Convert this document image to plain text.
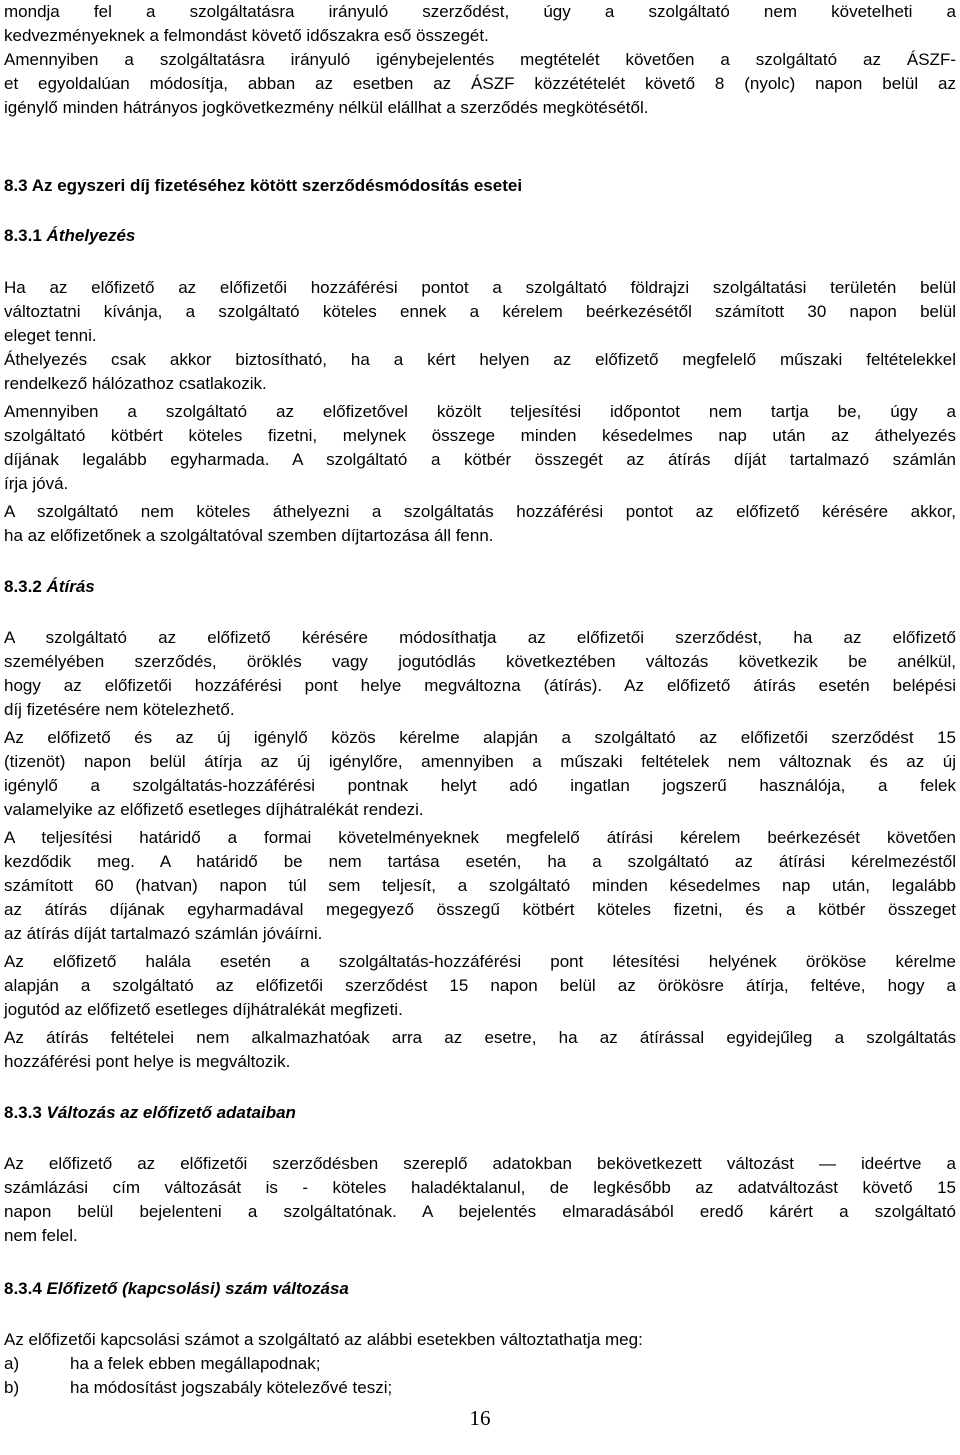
mondja fel a szolgáltatásra irányuló szerződést, úgy a szolgáltató nem követelheti a
kedvezményeknek a felmondást követő időszakra eső összegét.
Amennyiben a szolgáltatásra irányuló igénybejelentés megtételét követően a szolgáltató az ÁSZF-
et egyoldalúan módosítja, abban az esetben az ÁSZF közzétételét követő 8 (nyolc) napon belül az
igénylő minden hátrányos jogkövetkezmény nélkül elállhat a szerződés megkötésétől.
8.3 Az egyszeri díj fizetéséhez kötött szerződésmódosítás esetei
8.3.1 Áthelyezés
Ha az előfizető az előfizetői hozzáférési pontot a szolgáltató földrajzi szolgáltatási területén belül
változtatni kívánja, a szolgáltató köteles ennek a kérelem beérkezésétől számított 30 napon belül
eleget tenni.
Áthelyezés csak akkor biztosítható, ha a kért helyen az előfizető megfelelő műszaki feltételekkel
rendelkező hálózathoz csatlakozik.
Amennyiben a szolgáltató az előfizetővel közölt teljesítési időpontot nem tartja be, úgy a
szolgáltató kötbért köteles fizetni, melynek összege minden késedelmes nap után az áthelyezés
díjának legalább egyharmada. A szolgáltató a kötbér összegét az átírás díját tartalmazó számlán
írja jóvá.
A szolgáltató nem köteles áthelyezni a szolgáltatás hozzáférési pontot az előfizető kérésére akkor,
ha az előfizetőnek a szolgáltatóval szemben díjtartozása áll fenn.
8.3.2 Átírás
A szolgáltató az előfizető kérésére módosíthatja az előfizetői szerződést, ha az előfizető
személyében szerződés, öröklés vagy jogutódlás következtében változás következik be anélkül,
hogy az előfizetői hozzáférési pont helye megváltozna (átírás). Az előfizető átírás esetén belépési
díj fizetésére nem kötelezhető.
Az előfizető és az új igénylő közös kérelme alapján a szolgáltató az előfizetői szerződést 15
(tizenöt) napon belül átírja az új igénylőre, amennyiben a műszaki feltételek nem változnak és az új
igénylő a szolgáltatás-hozzáférési pontnak helyt adó ingatlan jogszerű használója, a felek
valamelyike az előfizető esetleges díjhátralékát rendezi.
A teljesítési határidő a formai követelményeknek megfelelő átírási kérelem beérkezését követően
kezdődik meg. A határidő be nem tartása esetén, ha a szolgáltató az átírási kérelmezéstől
számított 60 (hatvan) napon túl sem teljesít, a szolgáltató minden késedelmes nap után, legalább
az átírás díjának egyharmadával megegyező összegű kötbért köteles fizetni, és a kötbér összeget
az átírás díját tartalmazó számlán jóváírni.
Az előfizető halála esetén a szolgáltatás-hozzáférési pont létesítési helyének örököse kérelme
alapján a szolgáltató az előfizetői szerződést 15 napon belül az örökösre átírja, feltéve, hogy a
jogutód az előfizető esetleges díjhátralékát megfizeti.
Az átírás feltételei nem alkalmazhatóak arra az esetre, ha az átírással egyidejűleg a szolgáltatás
hozzáférési pont helye is megváltozik.
8.3.3 Változás az előfizető adataiban
Az előfizető az előfizetői szerződésben szereplő adatokban bekövetkezett változást — ideértve a
számlázási cím változását is - köteles haladéktalanul, de legkésőbb az adatváltozást követő 15
napon belül bejelenteni a szolgáltatónak. A bejelentés elmaradásából eredő kárért a szolgáltató
nem felel.
8.3.4 Előfizető (kapcsolási) szám változása
Az előfizetői kapcsolási számot a szolgáltató az alábbi esetekben változtathatja meg:
a)	ha a felek ebben megállapodnak;
b)	ha módosítást jogszabály kötelezővé teszi;
16
